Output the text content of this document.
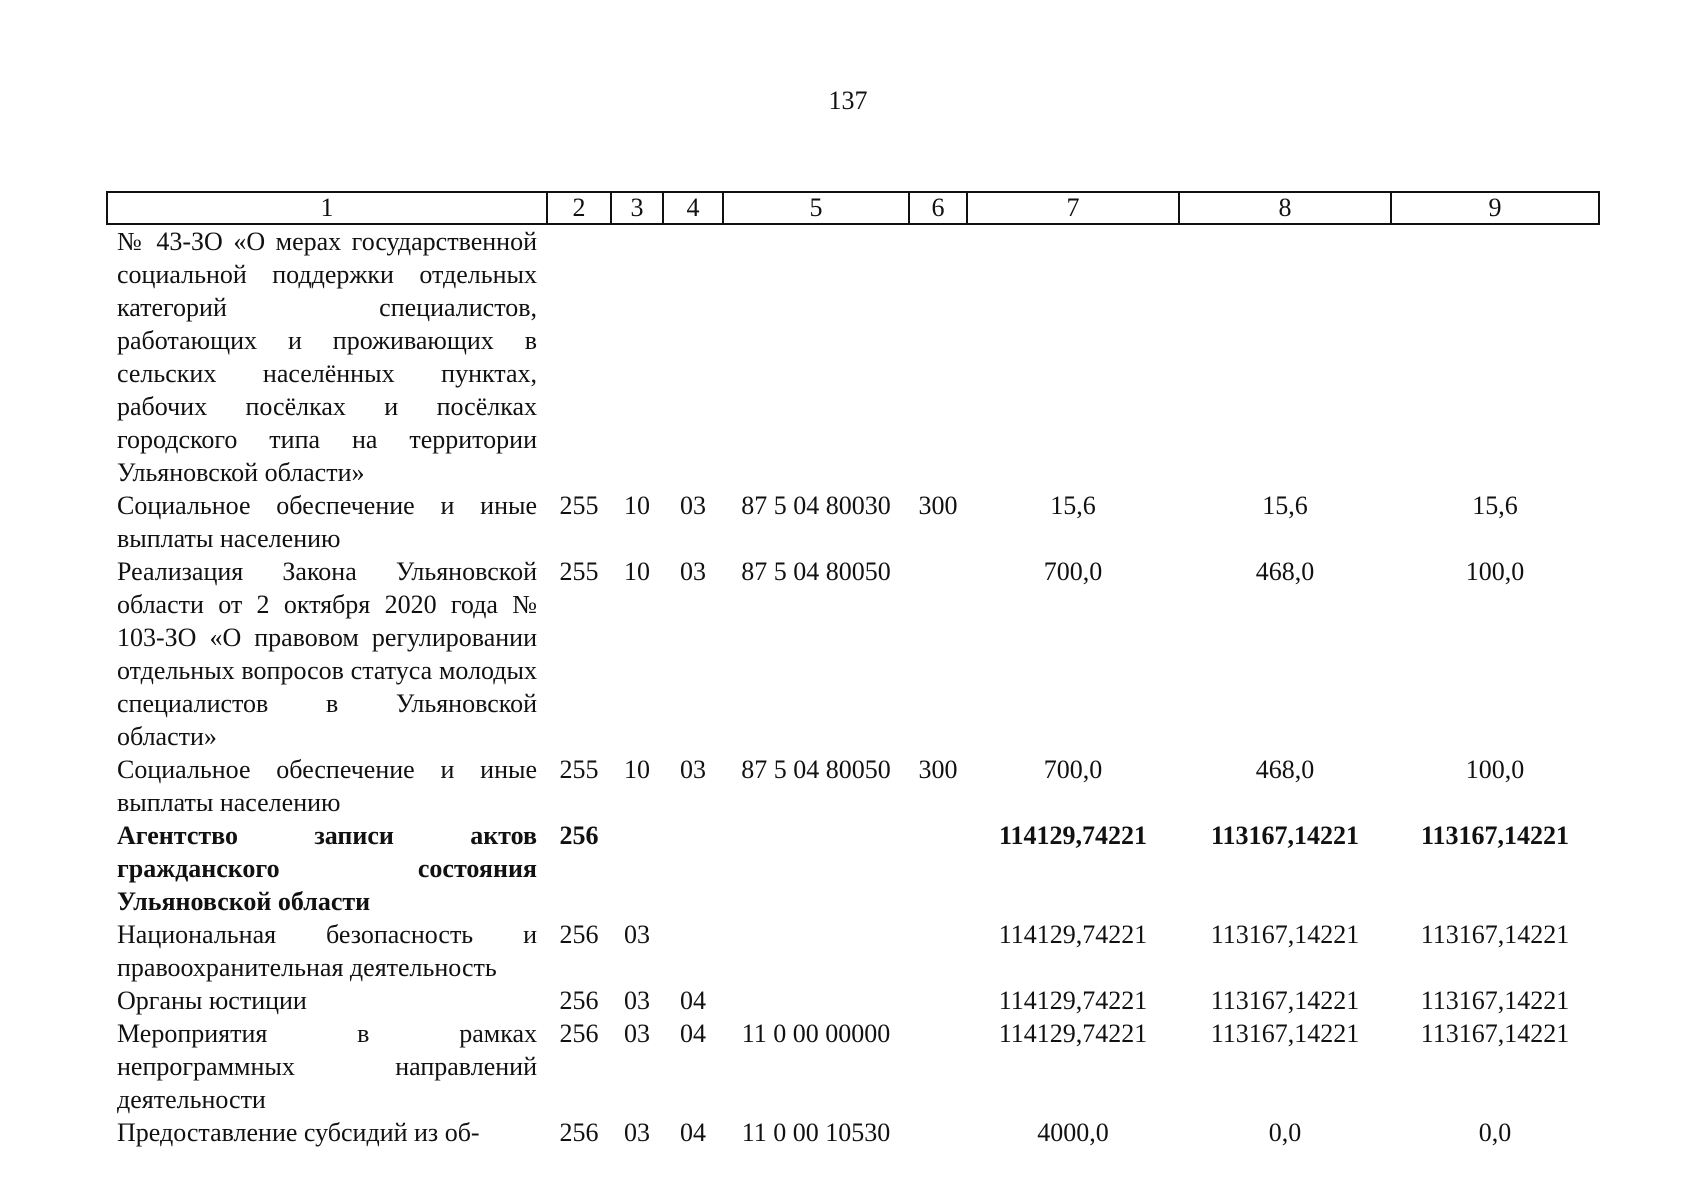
137
1	2	3	4	5	6	7	8	9
№ 43-ЗО «О мерах государственной социальной поддержки отдельных категорий специалистов, работающих и проживающих в сельских населённых пунктах, рабочих посёлках и посёлках городского типа на территории Ульяновской области»								
Социальное обеспечение и иные выплаты населению	255	10	03	87 5 04 80030	300	15,6	15,6	15,6
Реализация Закона Ульяновской области от 2 октября 2020 года № 103-ЗО «О правовом регулировании отдельных вопросов статуса молодых специалистов в Ульяновской области»	255	10	03	87 5 04 80050		700,0	468,0	100,0
Социальное обеспечение и иные выплаты населению	255	10	03	87 5 04 80050	300	700,0	468,0	100,0
Агентство записи актов гражданского состояния Ульяновской области	256					114129,74221	113167,14221	113167,14221
Национальная безопасность и правоохранительная деятельность	256	03				114129,74221	113167,14221	113167,14221
Органы юстиции	256	03	04			114129,74221	113167,14221	113167,14221
Мероприятия в рамках непрограммных направлений деятельности	256	03	04	11 0 00 00000		114129,74221	113167,14221	113167,14221
Предоставление субсидий из об-	256	03	04	11 0 00 10530		4000,0	0,0	0,0
